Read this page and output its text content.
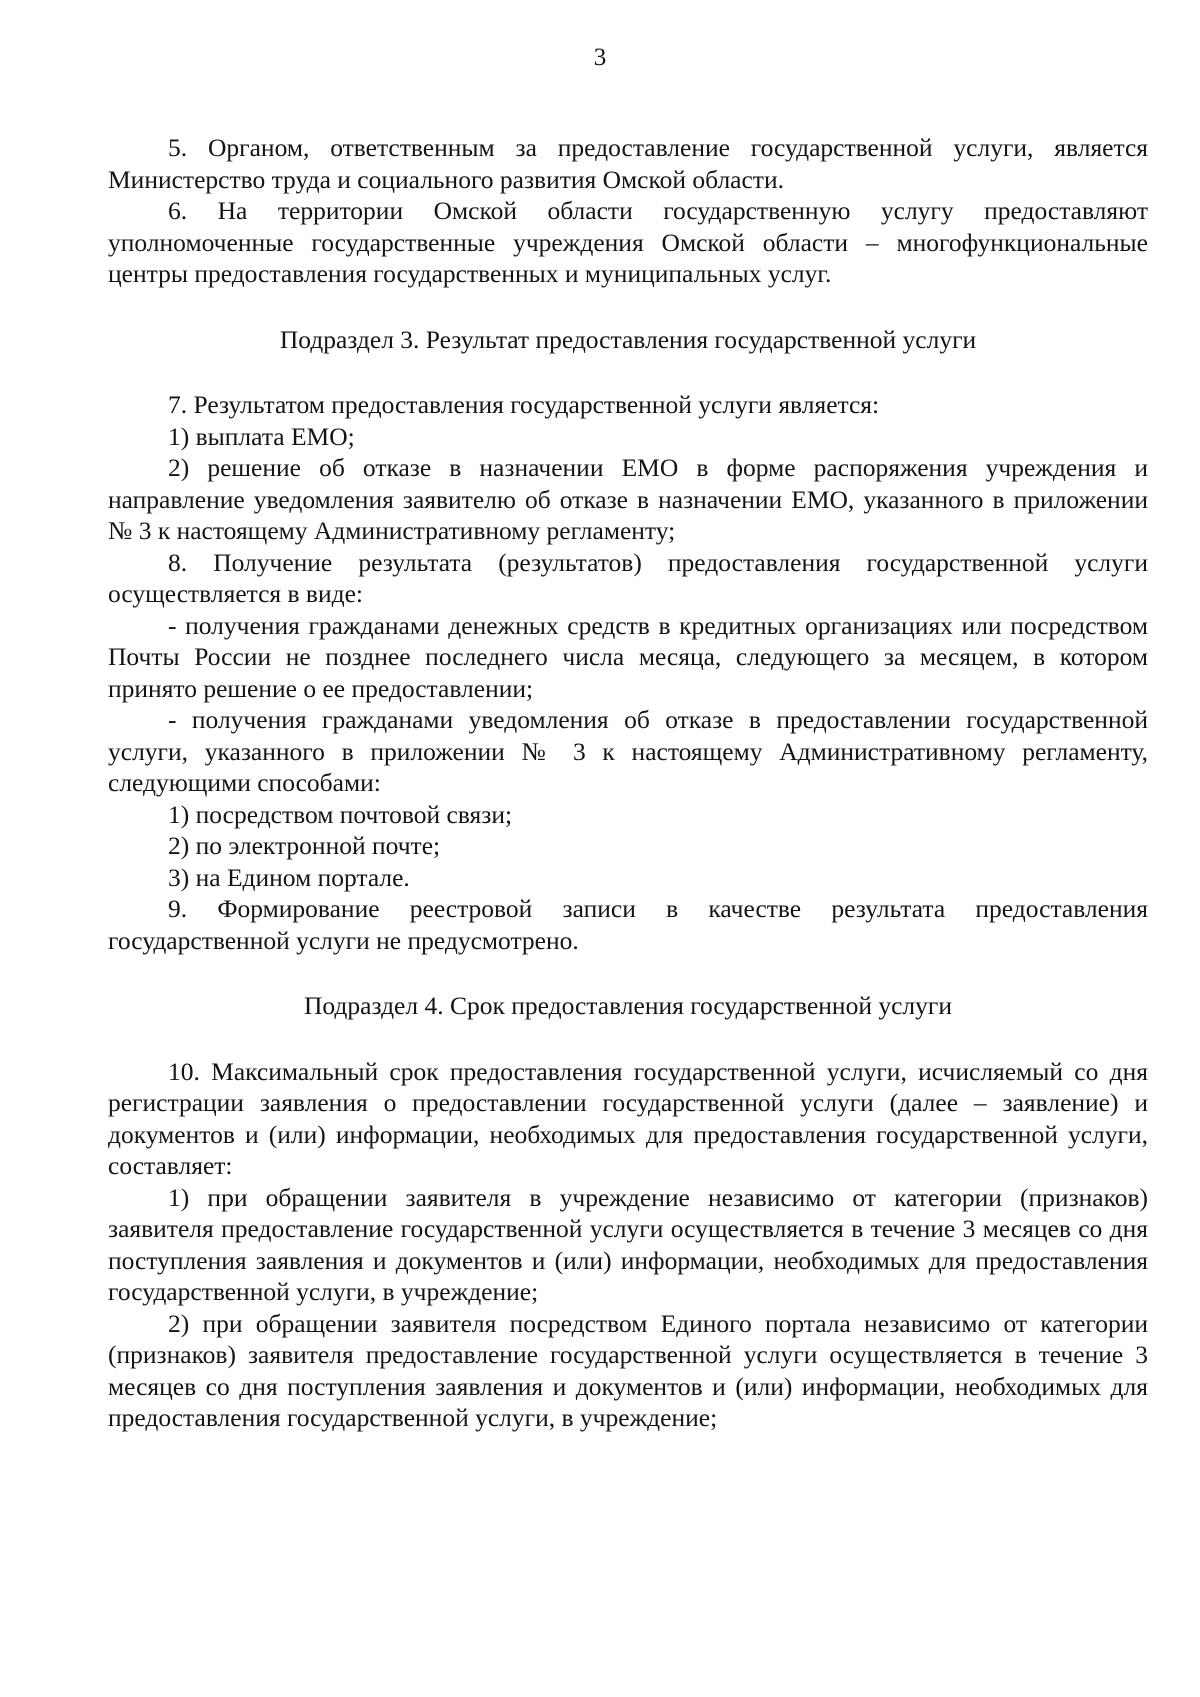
3

5. Органом, ответственным за предоставление государственной услуги, является Министерство труда и социального развития Омской области.

6. На территории Омской области государственную услугу предоставляют уполномоченные государственные учреждения Омской области – многофункциональные центры предоставления государственных и муниципальных услуг.

Подраздел 3. Результат предоставления государственной услуги

7. Результатом предоставления государственной услуги является:

1) выплата ЕМО;

2) решение об отказе в назначении ЕМО в форме распоряжения учреждения и направление уведомления заявителю об отказе в назначении ЕМО, указанного в приложении № 3 к настоящему Административному регламенту;

8. Получение результата (результатов) предоставления государственной услуги осуществляется в виде:

- получения гражданами денежных средств в кредитных организациях или посредством Почты России не позднее последнего числа месяца, следующего за месяцем, в котором принято решение о ее предоставлении;

- получения гражданами уведомления об отказе в предоставлении государственной услуги, указанного в приложении № 3 к настоящему Административному регламенту, следующими способами:

1) посредством почтовой связи;

2) по электронной почте;

3) на Едином портале.

9. Формирование реестровой записи в качестве результата предоставления государственной услуги не предусмотрено.

Подраздел 4. Срок предоставления государственной услуги

10. Максимальный срок предоставления государственной услуги, исчисляемый со дня регистрации заявления о предоставлении государственной услуги (далее – заявление) и документов и (или) информации, необходимых для предоставления государственной услуги, составляет:

1) при обращении заявителя в учреждение независимо от категории (признаков) заявителя предоставление государственной услуги осуществляется в течение 3 месяцев со дня поступления заявления и документов и (или) информации, необходимых для предоставления государственной услуги, в учреждение;

2) при обращении заявителя посредством Единого портала независимо от категории (признаков) заявителя предоставление государственной услуги осуществляется в течение 3 месяцев со дня поступления заявления и документов и (или) информации, необходимых для предоставления государственной услуги, в учреждение;
